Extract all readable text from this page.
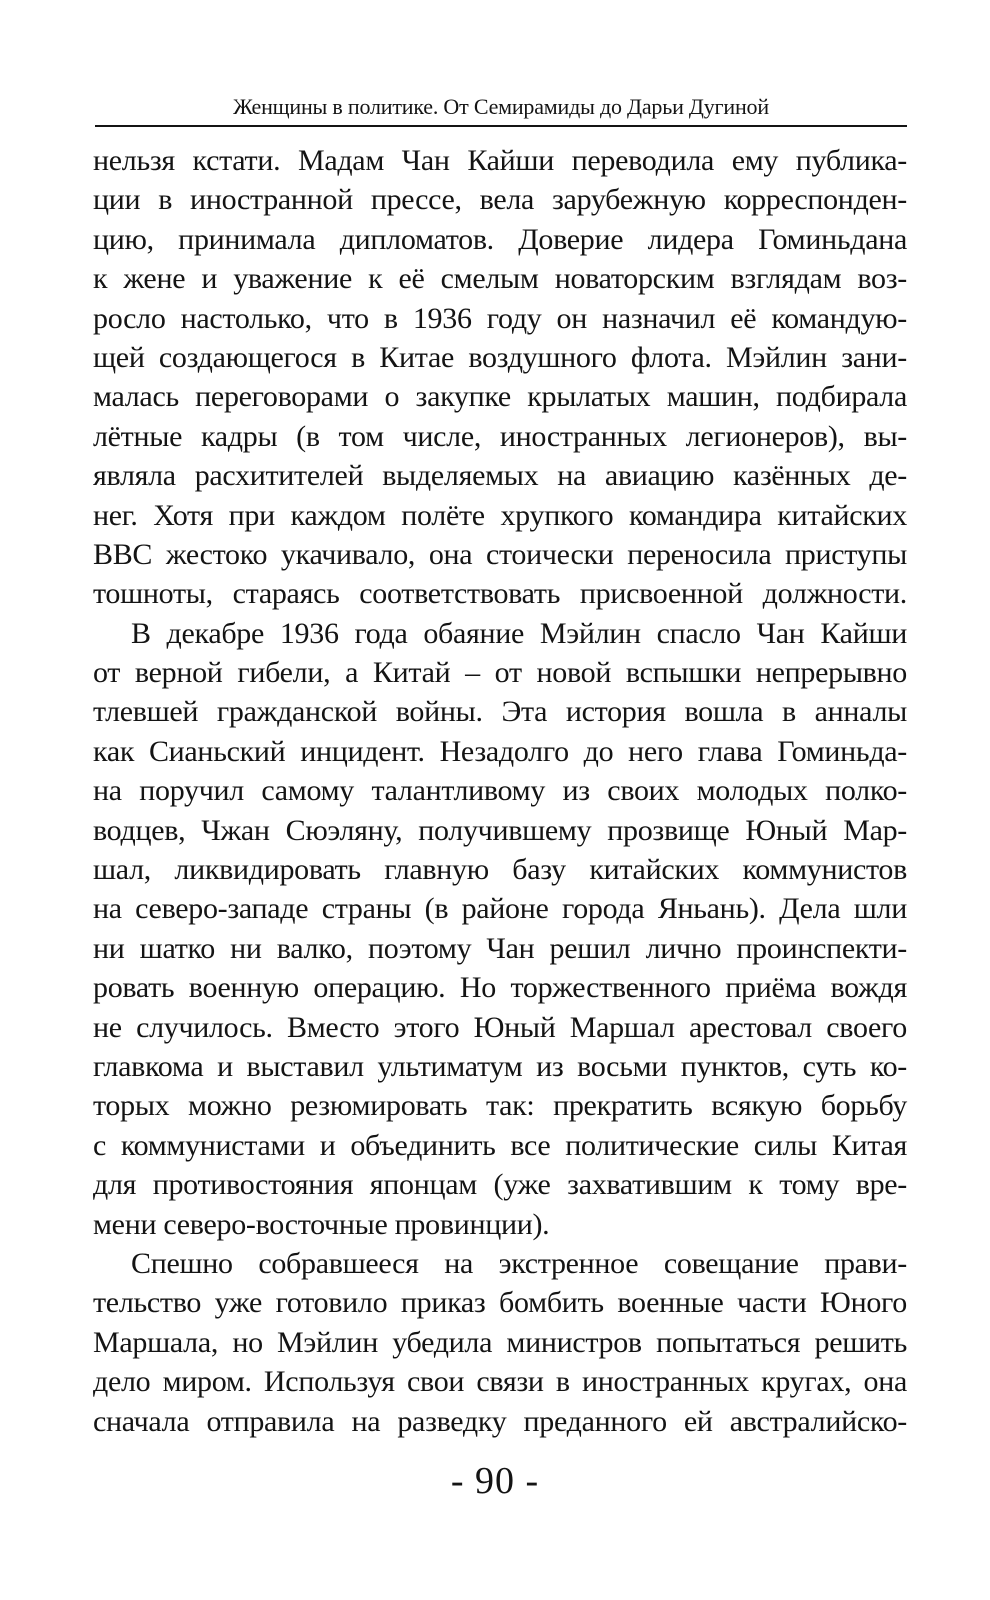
Женщины в политике. От Семирамиды до Дарьи Дугиной
нельзя кстати. Мадам Чан Кайши переводила ему публика-
ции в иностранной прессе, вела зарубежную корреспонден-
цию, принимала дипломатов. Доверие лидера Гоминьдана
к жене и уважение к её смелым новаторским взглядам воз-
росло настолько, что в 1936 году он назначил её командую-
щей создающегося в Китае воздушного флота. Мэйлин зани-
малась переговорами о закупке крылатых машин, подбирала
лётные кадры (в том числе, иностранных легионеров), вы-
являла расхитителей выделяемых на авиацию казённых де-
нег. Хотя при каждом полёте хрупкого командира китайских
ВВС жестоко укачивало, она стоически переносила приступы
тошноты, стараясь соответствовать присвоенной должности.
В декабре 1936 года обаяние Мэйлин спасло Чан Кайши
от верной гибели, а Китай – от новой вспышки непрерывно
тлевшей гражданской войны. Эта история вошла в анналы
как Сианьский инцидент. Незадолго до него глава Гоминьда-
на поручил самому талантливому из своих молодых полко-
водцев, Чжан Сюэляну, получившему прозвище Юный Мар-
шал, ликвидировать главную базу китайских коммунистов
на северо-западе страны (в районе города Яньань). Дела шли
ни шатко ни валко, поэтому Чан решил лично проинспекти-
ровать военную операцию. Но торжественного приёма вождя
не случилось. Вместо этого Юный Маршал арестовал своего
главкома и выставил ультиматум из восьми пунктов, суть ко-
торых можно резюмировать так: прекратить всякую борьбу
с коммунистами и объединить все политические силы Китая
для противостояния японцам (уже захватившим к тому вре-
мени северо-восточные провинции).
Спешно собравшееся на экстренное совещание прави-
тельство уже готовило приказ бомбить военные части Юного
Маршала, но Мэйлин убедила министров попытаться решить
дело миром. Используя свои связи в иностранных кругах, она
сначала отправила на разведку преданного ей австралийско-
- 90 -
